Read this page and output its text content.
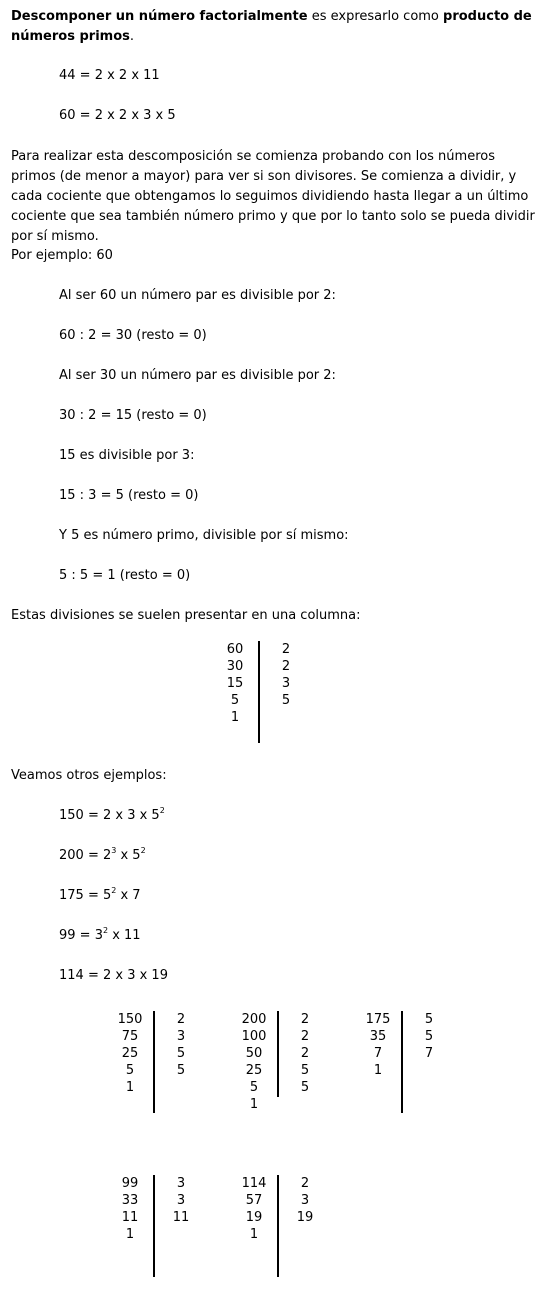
Descomponer un número factorialmente es expresarlo como producto de números primos.
44 = 2 x 2 x 11
60 = 2 x 2 x 3 x 5
Para realizar esta descomposición se comienza probando con los números primos (de menor a mayor) para ver si son divisores. Se comienza a dividir, y cada cociente que obtengamos lo seguimos dividiendo hasta llegar a un último cociente que sea también número primo y que por lo tanto solo se pueda dividir por sí mismo.
Por ejemplo: 60
Al ser 60 un número par es divisible por 2:
60 : 2 = 30 (resto = 0)
Al ser 30 un número par es divisible por 2:
30 : 2 = 15 (resto = 0)
15 es divisible por 3:
15 : 3 = 5 (resto = 0)
Y 5 es número primo, divisible por sí mismo:
5 : 5 = 1 (resto = 0)
Estas divisiones se suelen presentar en una columna:
60
30
15
5
1
2
2
3
5
Veamos otros ejemplos:
150 = 2 x 3 x $5^2$
$200 = 2^3$ x $5^2$
$175 = 5^2$ x 7
$99 = 3^2$ x 11
114 = 2 x 3 x 19
150
75
25
5
1
2
3
5
5
200
100
50
25
5
1
2
2
2
5
5
175
35
7
1
5
5
7
99
33
11
1
3
3
11
114
57
19
1
2
3
19
